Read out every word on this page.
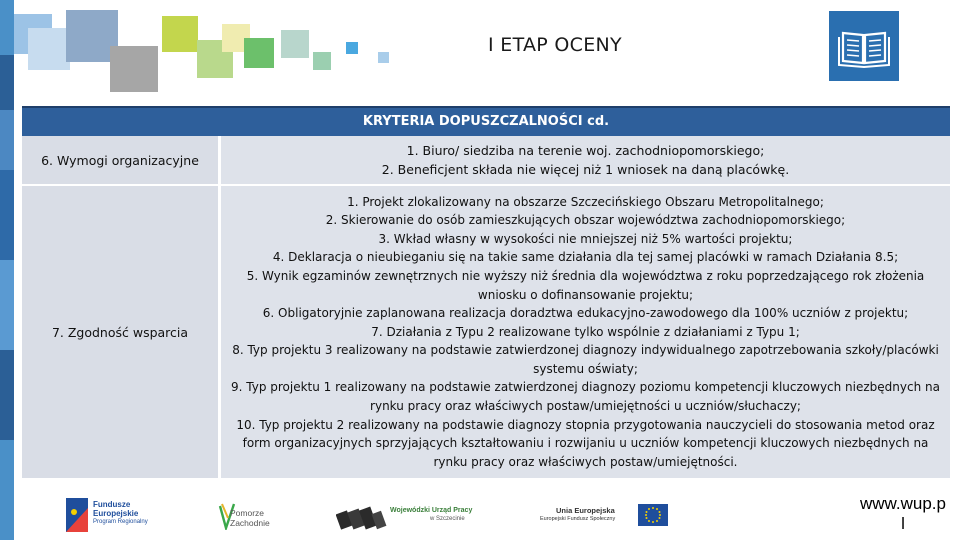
I ETAP OCENY
KRYTERIA DOPUSZCZALNOŚCI cd.
6. Wymogi organizacyjne

1. Biuro/ siedziba na terenie woj. zachodniopomorskiego;

2. Beneficjent składa nie więcej niż 1 wniosek na daną placówkę.

7. Zgodność wsparcia

1. Projekt zlokalizowany na obszarze Szczecińskiego Obszaru Metropolitalnego;

2. Skierowanie do osób zamieszkujących obszar województwa zachodniopomorskiego;

3. Wkład własny w wysokości nie mniejszej niż 5% wartości projektu;

4. Deklaracja o nieubieganiu się na takie same działania dla tej samej placówki w ramach Działania 8.5;

5. Wynik egzaminów zewnętrznych nie wyższy niż średnia dla województwa z roku poprzedzającego rok złożenia wniosku o dofinansowanie projektu;

6. Obligatoryjnie zaplanowana realizacja doradztwa edukacyjno-zawodowego dla 100% uczniów z projektu;

7. Działania z Typu 2 realizowane tylko wspólnie z działaniami z Typu 1;

8. Typ projektu 3 realizowany na podstawie zatwierdzonej diagnozy indywidualnego zapotrzebowania szkoły/placówki systemu oświaty;

9. Typ projektu 1 realizowany na podstawie zatwierdzonej diagnozy poziomu kompetencji kluczowych niezbędnych na rynku pracy oraz właściwych postaw/umiejętności u uczniów/słuchaczy;

10. Typ projektu 2 realizowany na podstawie diagnozy stopnia przygotowania nauczycieli do stosowania metod oraz form organizacyjnych sprzyjających kształtowaniu i rozwijaniu u uczniów kompetencji kluczowych niezbędnych na rynku pracy oraz właściwych postaw/umiejętności.

Fundusze
Europejskie
Program Regionalny
Pomorze
Zachodnie
Wojewódzki Urząd Pracy
w Szczecinie
Unia Europejska
Europejski Fundusz Społeczny
www.wup.p
l
